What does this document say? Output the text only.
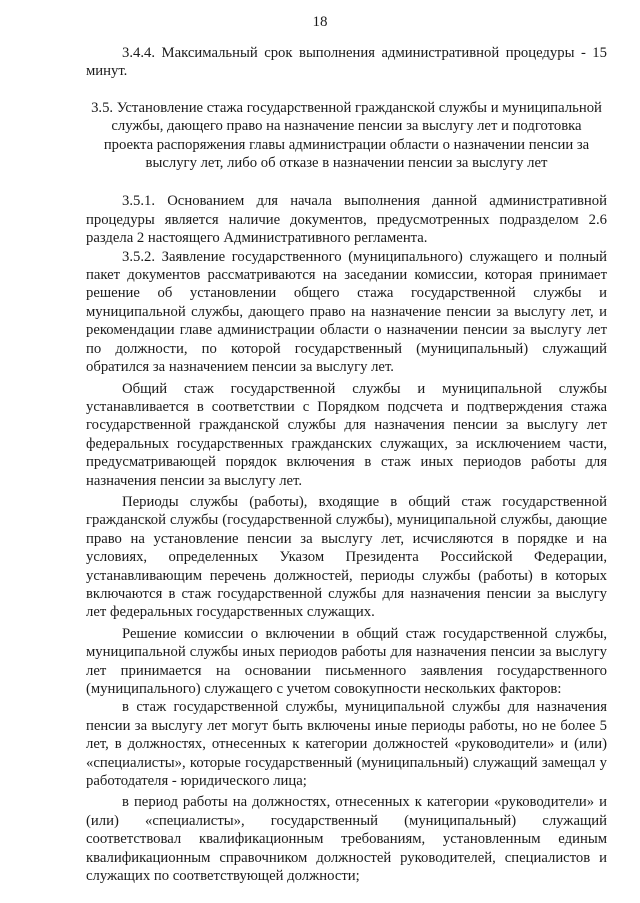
18

3.4.4. Максимальный срок выполнения административной процедуры - 15 минут.

3.5. Установление стажа государственной гражданской службы и муниципальной службы, дающего право на назначение пенсии за выслугу лет и подготовка проекта распоряжения главы администрации области о назначении пенсии за выслугу лет, либо об отказе в назначении пенсии за выслугу лет

3.5.1. Основанием для начала выполнения данной административной процедуры является наличие документов, предусмотренных подразделом 2.6 раздела 2 настоящего Административного регламента.

3.5.2. Заявление государственного (муниципального) служащего и полный пакет документов рассматриваются на заседании комиссии, которая принимает решение об установлении общего стажа государственной службы и муниципальной службы, дающего право на назначение пенсии за выслугу лет, и рекомендации главе администрации области о назначении пенсии за выслугу лет по должности, по которой государственный (муниципальный) служащий обратился за назначением пенсии за выслугу лет.

Общий стаж государственной службы и муниципальной службы устанавливается в соответствии с Порядком подсчета и подтверждения стажа государственной гражданской службы для назначения пенсии за выслугу лет федеральных государственных гражданских служащих, за исключением части, предусматривающей порядок включения в стаж иных периодов работы для назначения пенсии за выслугу лет.

Периоды службы (работы), входящие в общий стаж государственной гражданской службы (государственной службы), муниципальной службы, дающие право на установление пенсии за выслугу лет, исчисляются в порядке и на условиях, определенных Указом Президента Российской Федерации, устанавливающим перечень должностей, периоды службы (работы) в которых включаются в стаж государственной службы для назначения пенсии за выслугу лет федеральных государственных служащих.

Решение комиссии о включении в общий стаж государственной службы, муниципальной службы иных периодов работы для назначения пенсии за выслугу лет принимается на основании письменного заявления государственного (муниципального) служащего с учетом совокупности нескольких факторов:

в стаж государственной службы, муниципальной службы для назначения пенсии за выслугу лет могут быть включены иные периоды работы, но не более 5 лет, в должностях, отнесенных к категории должностей «руководители» и (или) «специалисты», которые государственный (муниципальный) служащий замещал у работодателя - юридического лица;

в период работы на должностях, отнесенных к категории «руководители» и (или) «специалисты», государственный (муниципальный) служащий соответствовал квалификационным требованиям, установленным единым квалификационным справочником должностей руководителей, специалистов и служащих по соответствующей должности;
